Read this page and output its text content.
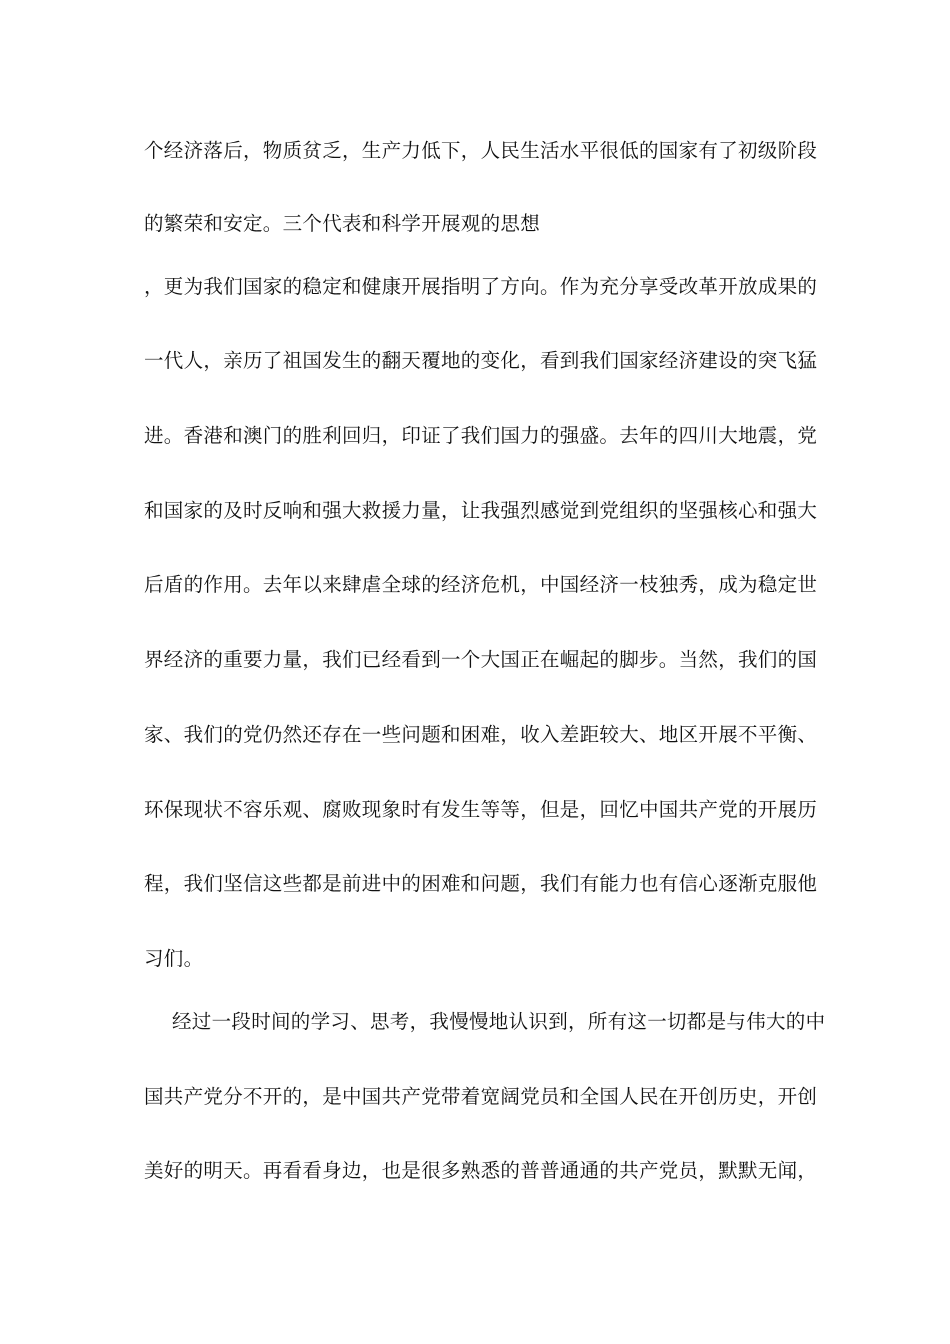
个经济落后，物质贫乏，生产力低下，人民生活水平很低的国家有了初级阶段
的繁荣和安定。三个代表和科学开展观的思想
，更为我们国家的稳定和健康开展指明了方向。作为充分享受改革开放成果的
一代人，亲历了祖国发生的翻天覆地的变化，看到我们国家经济建设的突飞猛
进。香港和澳门的胜利回归，印证了我们国力的强盛。去年的四川大地震，党
和国家的及时反响和强大救援力量，让我强烈感觉到党组织的坚强核心和强大
后盾的作用。去年以来肆虐全球的经济危机，中国经济一枝独秀，成为稳定世
界经济的重要力量，我们已经看到一个大国正在崛起的脚步。当然，我们的国
家、我们的党仍然还存在一些问题和困难，收入差距较大、地区开展不平衡、
环保现状不容乐观、腐败现象时有发生等等，但是，回忆中国共产党的开展历
程，我们坚信这些都是前进中的困难和问题，我们有能力也有信心逐渐克服他
习们。
经过一段时间的学习、思考，我慢慢地认识到，所有这一切都是与伟大的中
国共产党分不开的，是中国共产党带着宽阔党员和全国人民在开创历史，开创
美好的明天。再看看身边，也是很多熟悉的普普通通的共产党员，默默无闻，
